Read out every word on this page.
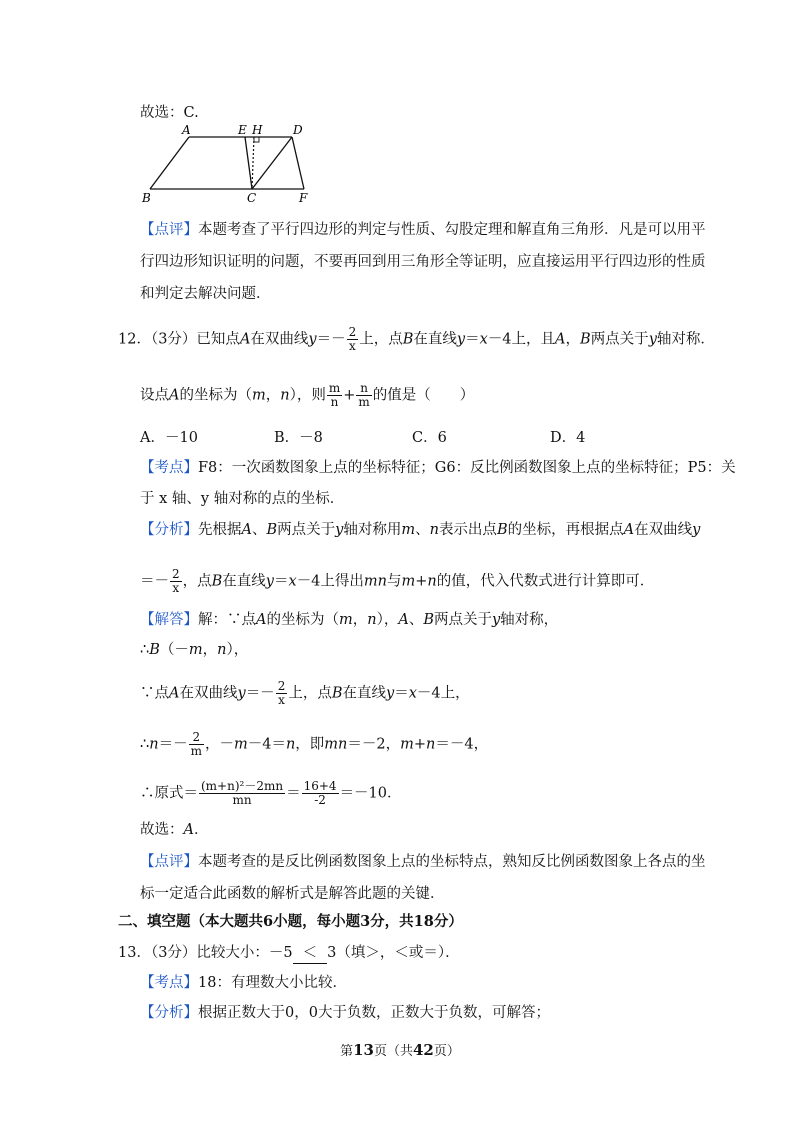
故选：C.
A	E H	D
B	C	F
【点评】本题考查了平行四边形的判定与性质、勾股定理和解直角三角形．凡是可以用平
行四边形知识证明的问题，不要再回到用三角形全等证明，应直接运用平行四边形的性质
和判定去解决问题．
12．（3分）已知点A在双曲线$y=- \frac{2}{x}$ 上，点B在直线y＝x－4上，且A，B两点关于y轴对称．
设点A的坐标为（m，n），则 $\frac{m}{n} + \frac{n}{m}$ 的值是（　　）
A．－10	B．－8	C．6	D．4
【考点】F8：一次函数图象上点的坐标特征；G6：反比例函数图象上点的坐标特征；P5：关
于 x 轴、y 轴对称的点的坐标．
【分析】先根据A、B两点关于y轴对称用m、n表示出点B的坐标，再根据点A在双曲线y
＝－ $\frac{2}{x}$ ，点B在直线y＝x－4上得出mn与m+n的值，代入代数式进行计算即可．
【解答】解：∵点A的坐标为（m，n），A、B两点关于y轴对称，
∴B（－m，n），
∵点A在双曲线$y=- \frac{2}{x}$ 上，点B在直线y＝x－4上，
∴n＝－ $\frac{2}{m}$ ，－m－4＝n，即mn＝－2，m+n＝－4，
∴原式＝ $\frac{\text{(m+n)²－2mn}}{mn} = \frac{16+4}{-2} =-10$．
故选：A．
【点评】本题考查的是反比例函数图象上点的坐标特点，熟知反比例函数图象上各点的坐
标一定适合此函数的解析式是解答此题的关键．
二、填空题（本大题共6小题，每小题3分，共18分）
13．（3分）比较大小：－5 ＜ 3（填＞，＜或＝）．
【考点】18：有理数大小比较．
【分析】根据正数大于0，0大于负数，正数大于负数，可解答；
第13页（共42页）
